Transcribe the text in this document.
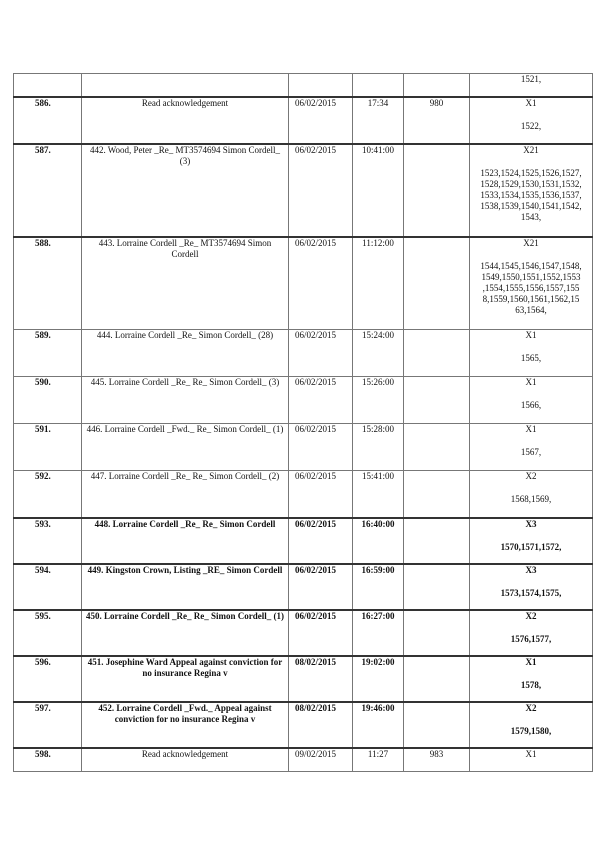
					1521,
586.	Read acknowledgement	06/02/2015	17:34	980	X1
1522,

587.	442. Wood, Peter _Re_ MT3574694 Simon Cordell_ (3)	06/02/2015	10:41:00		X21
1523,1524,1525,1526,1527, 1528,1529,1530,1531,1532, 1533,1534,1535,1536,1537, 1538,1539,1540,1541,1542, 1543,

588.	443. Lorraine Cordell _Re_ MT3574694 Simon Cordell	06/02/2015	11:12:00		X21
1544,1545,1546,1547,1548, 1549,1550,1551,1552,1553 ,1554,1555,1556,1557,155 8,1559,1560,1561,1562,15 63,1564,

589.	444. Lorraine Cordell _Re_ Simon Cordell_ (28)	06/02/2015	15:24:00		X1
1565,

590.	445. Lorraine Cordell _Re_ Re_ Simon Cordell_ (3)	06/02/2015	15:26:00		X1
1566,

591.	446. Lorraine Cordell _Fwd._ Re_ Simon Cordell_ (1)	06/02/2015	15:28:00		X1
1567,

592.	447. Lorraine Cordell _Re_ Re_ Simon Cordell_ (2)	06/02/2015	15:41:00		X2
1568,1569,

593.	448. Lorraine Cordell _Re_ Re_ Simon Cordell	06/02/2015	16:40:00		X3
1570,1571,1572,

594.	449. Kingston Crown, Listing _RE_ Simon Cordell	06/02/2015	16:59:00		X3
1573,1574,1575,

595.	450. Lorraine Cordell _Re_ Re_ Simon Cordell_ (1)	06/02/2015	16:27:00		X2
1576,1577,

596.	451. Josephine Ward Appeal against conviction for no insurance Regina v	08/02/2015	19:02:00		X1
1578,

597.	452. Lorraine Cordell _Fwd._ Appeal against conviction for no insurance Regina v	08/02/2015	19:46:00		X2
1579,1580,

598.	Read acknowledgement	09/02/2015	11:27	983	X1
